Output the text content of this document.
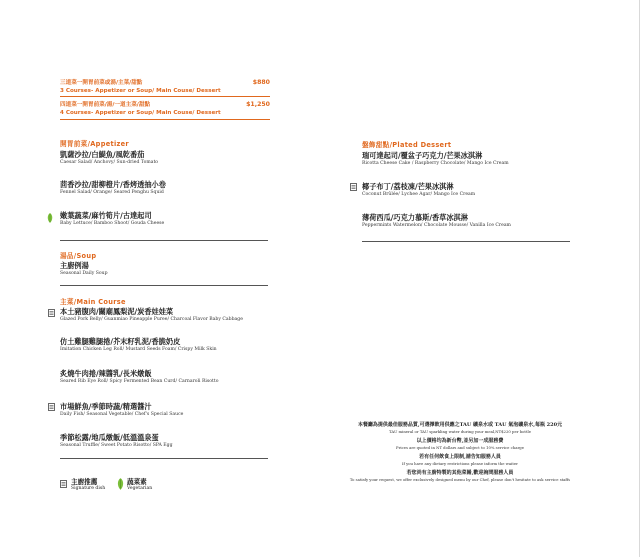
三道菜一開胃前菜或湯/主菜/甜點
3 Courses- Appetizer or Soup/ Main Couse/ Dessert
$880
四道菜一開胃前菜/湯/一道主菜/甜點
4 Courses- Appetizer or Soup/ Main Couse/ Dessert
$1,250
開胃前菜/Appetizer
凱薩沙拉/白鯷魚/風乾番茄
Caesar Salad/ Anchovy/ Sun-dried Tomato
茴香沙拉/甜柳橙片/香烤透抽小卷
Fennel Salad/ Orange/ Seared Penghu Squid
嫩葉蔬菜/麻竹筍片/古達起司
Baby Lettuce/ Bamboo Shoot/ Gouda Cheese
湯品/Soup
主廚例湯
Seasonal Daily Soup
主菜/Main Course
本土豬腹肉/關廟鳳梨泥/炭香娃娃菜
Glazed Pork Belly/ Guanmiao Pineapple Puree/ Charcoal Flavor Baby Cabbage
仿土雞腿雞腿捲/芥末籽乳泥/香脆奶皮
Imitation Chicken Leg Roll/ Mustard Seeds Foam/ Crispy Milk Skin
炙燒牛肉捲/辣醬乳/長米燉飯
Seared Rib Eye Roll/ Spicy Fermented Bean Curd/ Carnaroli Risotto
市場鮮魚/季節時蔬/精選醬汁
Daily Fish/ Seasonal Vegetable/ Chef's Special Sauce
季節松露/地瓜燉飯/低溫溫泉蛋
Seasonal Truffle/ Sweet Potato Risotto/ SPA Egg
主廚推薦
Signature dish
蔬菜素
Vegetarian
盤飾甜點/Plated Dessert
瑞可達起司/覆盆子巧克力/芒果冰淇淋
Ricotta Cheese Cake / Raspberry Chocolate/ Mango Ice Cream
椰子布丁/荔枝凍/芒果冰淇淋
Coconut Brûlée/ Lychee Agar/ Mango Ice Cream
薄荷西瓜/巧克力慕斯/香草冰淇淋
Peppermints Watermelon/ Chocolate Mousse/ Vanilla Ice Cream
本餐廳為提供最佳服務品質,可選擇飲用供應之TAU 礦泉水或 TAU 氣泡礦泉水,每瓶 220元
TAU mineral or TAU sparkling water during your meal,NT$220 per bottle
以上價格均為新台幣,並另加一成服務費
Prices are quoted in NT dollars and subject to 10% service charge
若有任何飲食上限制,請告知服務人員
If you have any dietary restrictions please inform the waiter
若您尚有主廚特製的其他菜餚,歡迎詢問服務人員
To satisfy your request, we offer exclusively designed menu by our Chef, please don't hesitate to ask service staffs
